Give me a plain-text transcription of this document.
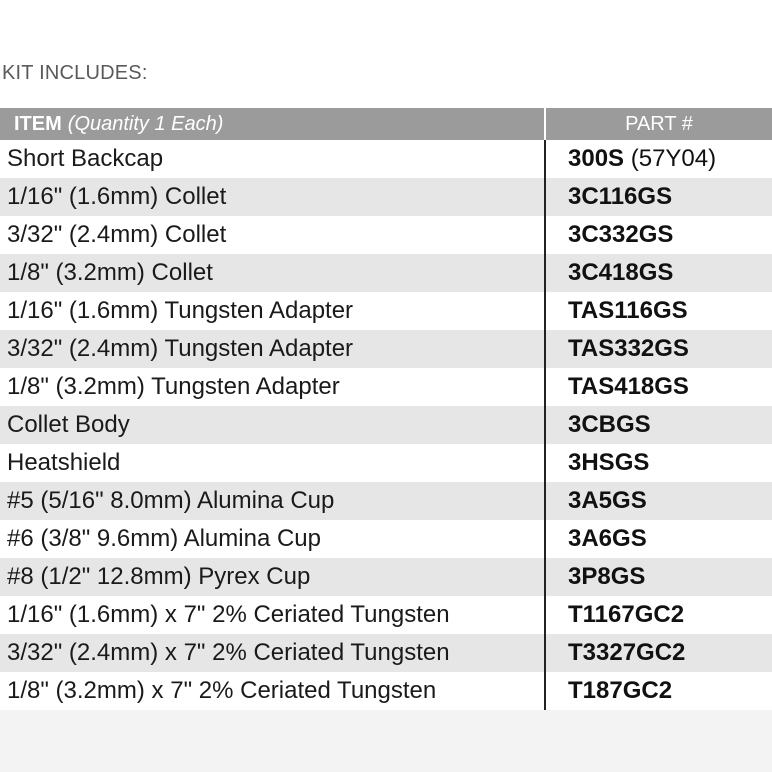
KIT INCLUDES:
ITEM (Quantity 1 Each)	PART #
Short Backcap	300S (57Y04)
1/16" (1.6mm) Collet	3C116GS
3/32" (2.4mm) Collet	3C332GS
1/8" (3.2mm) Collet	3C418GS
1/16" (1.6mm) Tungsten Adapter	TAS116GS
3/32" (2.4mm) Tungsten Adapter	TAS332GS
1/8" (3.2mm) Tungsten Adapter	TAS418GS
Collet Body	3CBGS
Heatshield	3HSGS
#5 (5/16" 8.0mm) Alumina Cup	3A5GS
#6 (3/8" 9.6mm) Alumina Cup	3A6GS
#8 (1/2" 12.8mm) Pyrex Cup	3P8GS
1/16" (1.6mm) x 7" 2% Ceriated Tungsten	T1167GC2
3/32" (2.4mm) x 7" 2% Ceriated Tungsten	T3327GC2
1/8" (3.2mm) x 7" 2% Ceriated Tungsten	T187GC2
